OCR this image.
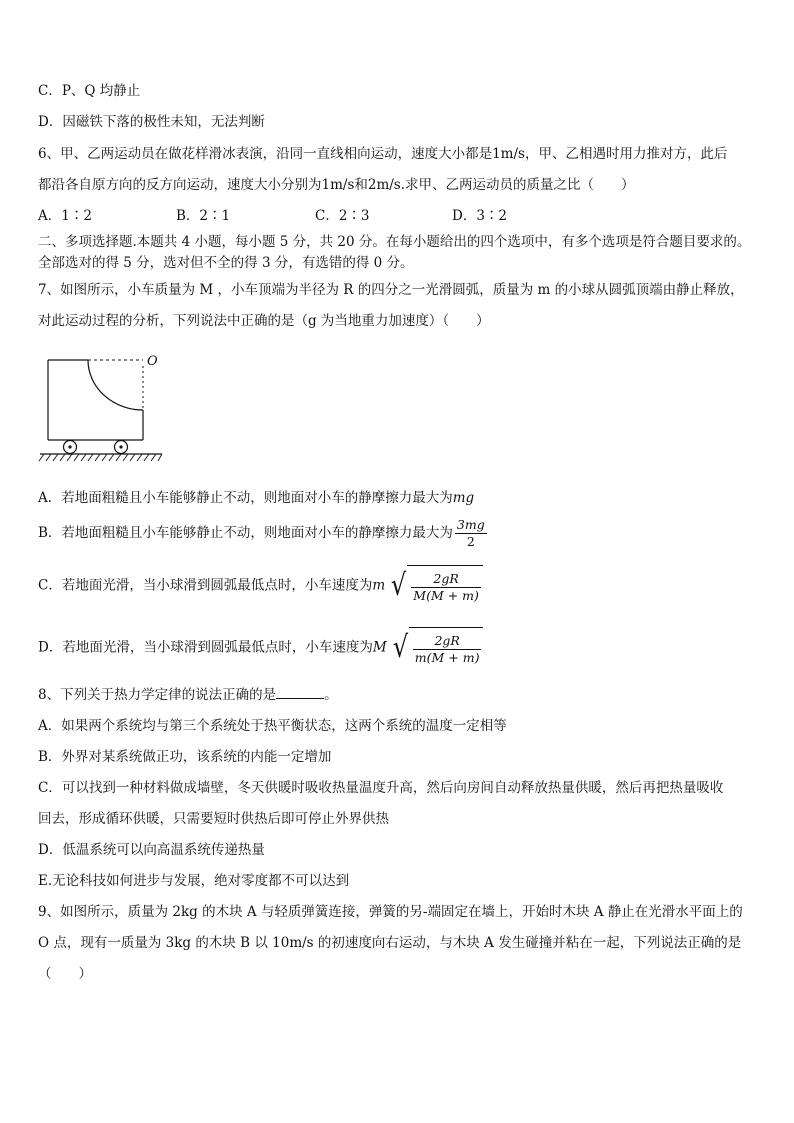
C．P、Q 均静止
D．因磁铁下落的极性未知，无法判断
6、甲、乙两运动员在做花样滑冰表演，沿同一直线相向运动，速度大小都是1m/s，甲、乙相遇时用力推对方，此后
都沿各自原方向的反方向运动，速度大小分别为1m/s和2m/s.求甲、乙两运动员的质量之比（　　）
A．1∶2	B．2∶1	C．2∶3	D．3∶2
二、多项选择题.本题共 4 小题，每小题 5 分，共 20 分。在每小题给出的四个选项中，有多个选项是符合题目要求的。
全部选对的得 5 分，选对但不全的得 3 分，有选错的得 0 分。
7、如图所示，小车质量为 M ，小车顶端为半径为 R 的四分之一光滑圆弧，质量为 m 的小球从圆弧顶端由静止释放，
对此运动过程的分析，下列说法中正确的是（g 为当地重力加速度）（　　）
O
A．若地面粗糙且小车能够静止不动，则地面对小车的静摩擦力最大为mg
B．若地面粗糙且小车能够静止不动，则地面对小车的静摩擦力最大为 $\frac{3mg}{2}$
C．若地面光滑，当小球滑到圆弧最低点时，小车速度为m √ $\frac{2gR}{M(M + m)}$
D．若地面光滑，当小球滑到圆弧最低点时，小车速度为M √ $\frac{2gR}{m(M + m)}$
8、下列关于热力学定律的说法正确的是	。
A．如果两个系统均与第三个系统处于热平衡状态，这两个系统的温度一定相等
B．外界对某系统做正功，该系统的内能一定增加
C．可以找到一种材料做成墙壁，冬天供暖时吸收热量温度升高，然后向房间自动释放热量供暖，然后再把热量吸收
回去，形成循环供暖，只需要短时供热后即可停止外界供热
D．低温系统可以向高温系统传递热量
E.无论科技如何进步与发展，绝对零度都不可以达到
9、如图所示，质量为 2kg 的木块 A 与轻质弹簧连接，弹簧的另-端固定在墙上，开始时木块 A 静止在光滑水平面上的
O 点，现有一质量为 3kg 的木块 B 以 10m/s 的初速度向右运动，与木块 A 发生碰撞并粘在一起，下列说法正确的是
（　　）
